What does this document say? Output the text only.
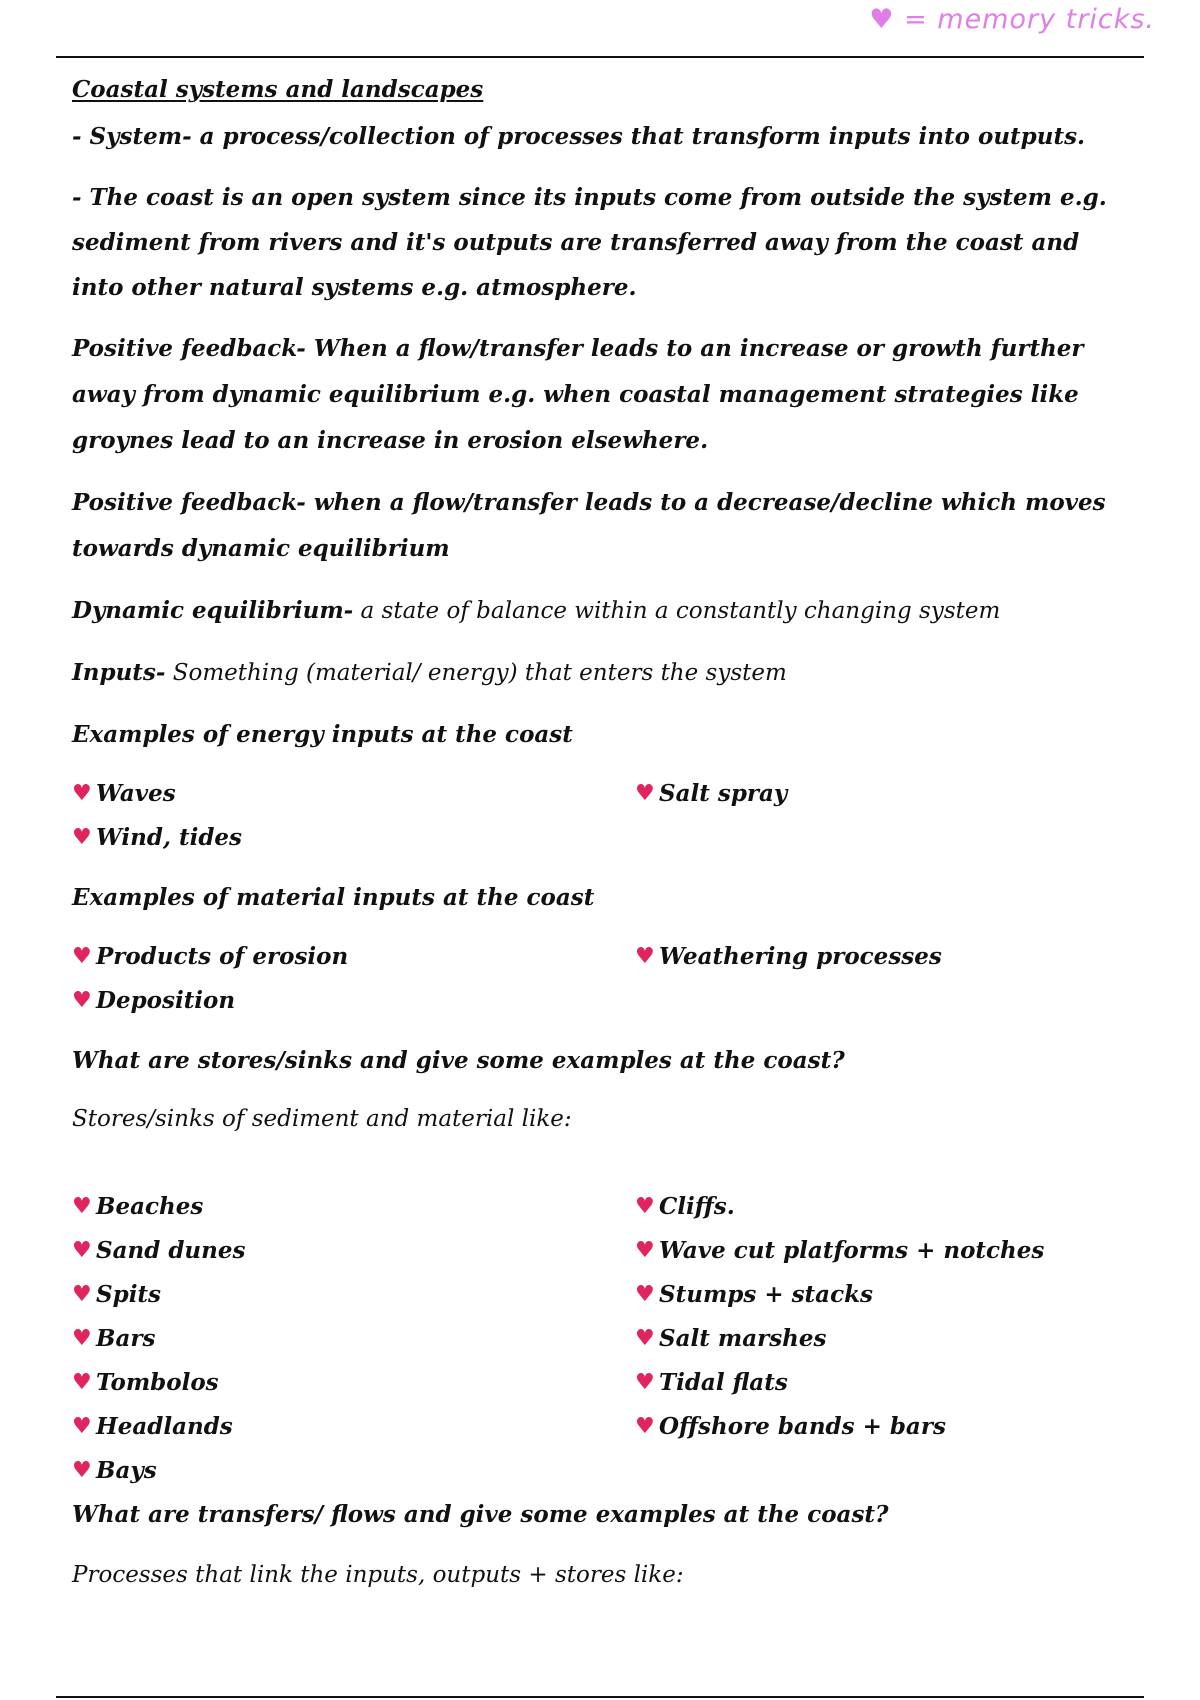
♥ = memory tricks.
Coastal systems and landscapes

- System- a process/collection of processes that transform inputs into outputs.

- The coast is an open system since its inputs come from outside the system e.g. sediment from rivers and it's outputs are transferred away from the coast and into other natural systems e.g. atmosphere.

Positive feedback- When a flow/transfer leads to an increase or growth further away from dynamic equilibrium e.g. when coastal management strategies like groynes lead to an increase in erosion elsewhere.

Positive feedback- when a flow/transfer leads to a decrease/decline which moves towards dynamic equilibrium

Dynamic equilibrium- a state of balance within a constantly changing system

Inputs- Something (material/ energy) that enters the system

Examples of energy inputs at the coast
♥ Waves	♥ Salt spray
♥ Wind, tides
Examples of material inputs at the coast
♥ Products of erosion	♥ Weathering processes
♥ Deposition
What are stores/sinks and give some examples at the coast?

Stores/sinks of sediment and material like:

♥ Beaches	♥ Cliffs.
♥ Sand dunes	♥ Wave cut platforms + notches
♥ Spits	♥ Stumps + stacks
♥ Bars	♥ Salt marshes
♥ Tombolos	♥ Tidal flats
♥ Headlands	♥ Offshore bands + bars
♥ Bays
What are transfers/ flows and give some examples at the coast?

Processes that link the inputs, outputs + stores like:
